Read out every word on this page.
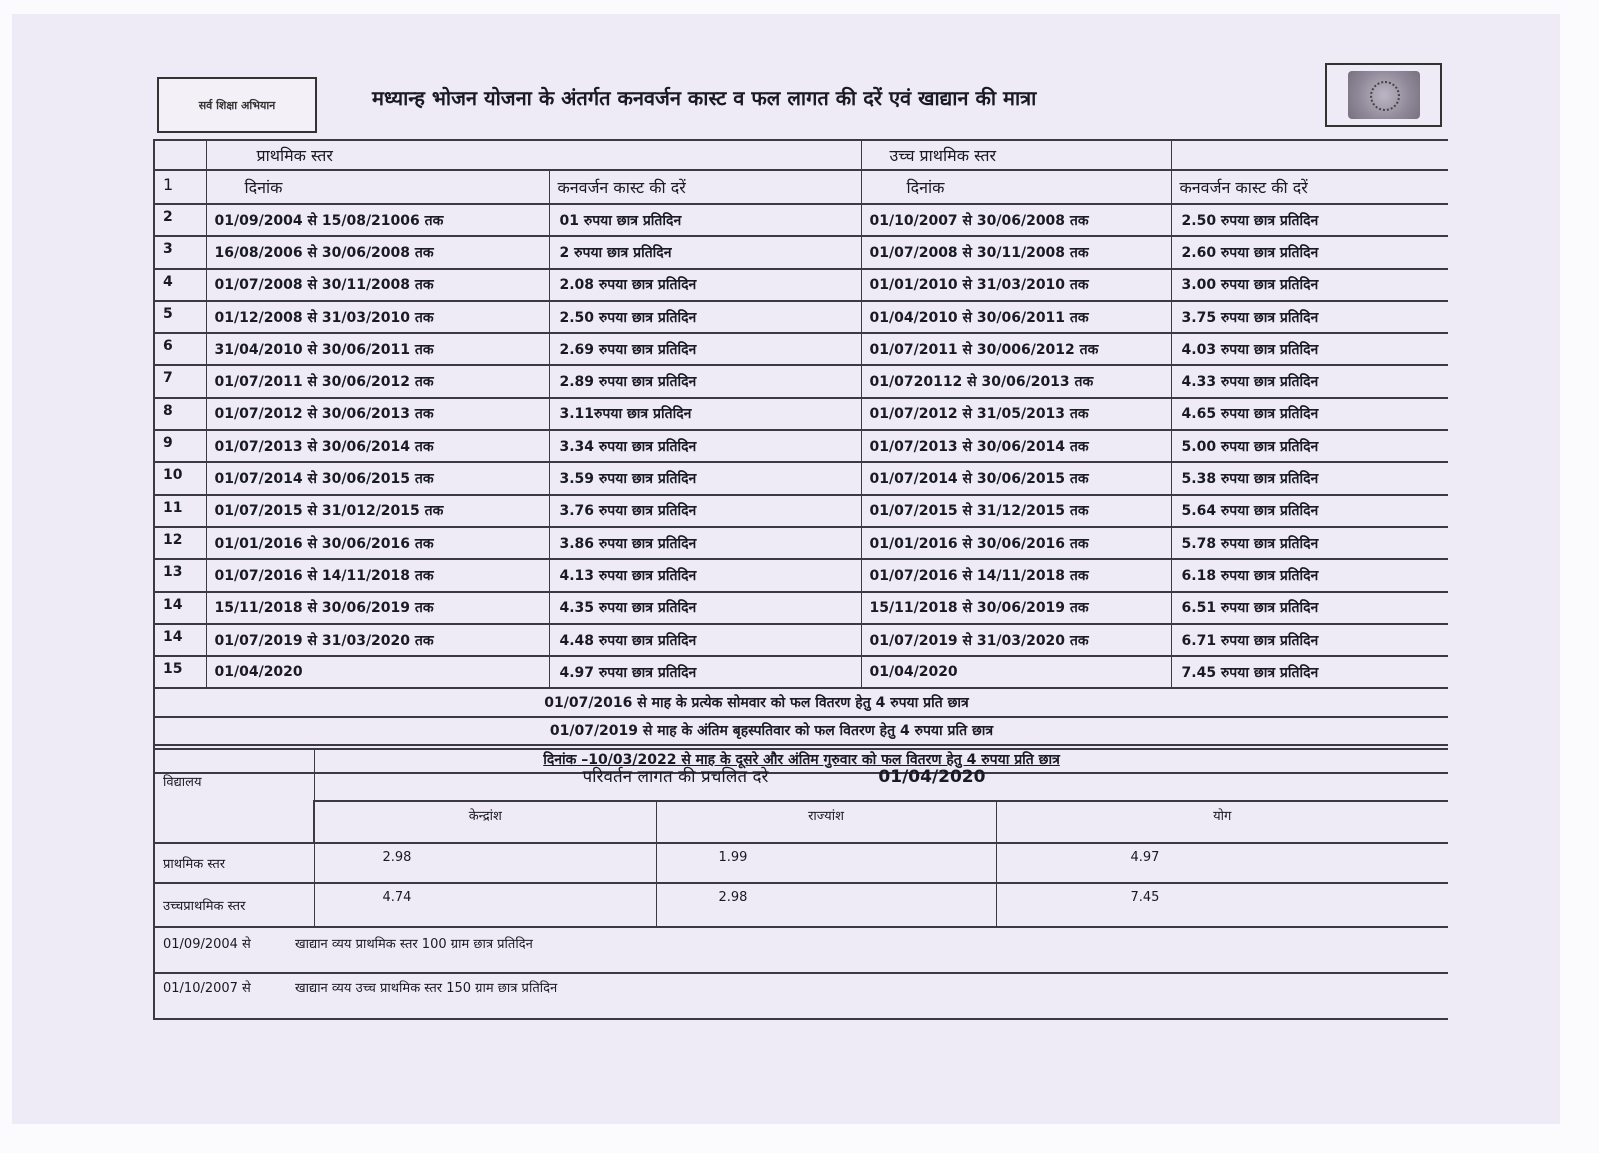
सर्व शिक्षा अभियान	मध्यान्ह भोजन योजना के अंतर्गत कनवर्जन कास्ट व फल लागत की दरें एवं खाद्यान की मात्रा
	प्राथमिक स्तर		उच्च प्राथमिक स्तर	
1	दिनांक	कनवर्जन कास्ट की दरें	दिनांक	कनवर्जन कास्ट की दरें
2	01/09/2004 से 15/08/21006 तक	01 रुपया छात्र प्रतिदिन	01/10/2007 से 30/06/2008 तक	2.50 रुपया छात्र प्रतिदिन
3	16/08/2006 से 30/06/2008 तक	2 रुपया छात्र प्रतिदिन	01/07/2008 से 30/11/2008 तक	2.60 रुपया छात्र प्रतिदिन
4	01/07/2008 से 30/11/2008 तक	2.08 रुपया छात्र प्रतिदिन	01/01/2010 से 31/03/2010 तक	3.00 रुपया छात्र प्रतिदिन
5	01/12/2008 से 31/03/2010 तक	2.50 रुपया छात्र प्रतिदिन	01/04/2010 से 30/06/2011 तक	3.75 रुपया छात्र प्रतिदिन
6	31/04/2010 से 30/06/2011 तक	2.69 रुपया छात्र प्रतिदिन	01/07/2011 से 30/006/2012 तक	4.03 रुपया छात्र प्रतिदिन
7	01/07/2011 से 30/06/2012 तक	2.89 रुपया छात्र प्रतिदिन	01/0720112 से 30/06/2013 तक	4.33 रुपया छात्र प्रतिदिन
8	01/07/2012 से 30/06/2013 तक	3.11रुपया छात्र प्रतिदिन	01/07/2012 से 31/05/2013 तक	4.65 रुपया छात्र प्रतिदिन
9	01/07/2013 से 30/06/2014 तक	3.34 रुपया छात्र प्रतिदिन	01/07/2013 से 30/06/2014 तक	5.00 रुपया छात्र प्रतिदिन
10	01/07/2014 से 30/06/2015 तक	3.59 रुपया छात्र प्रतिदिन	01/07/2014 से 30/06/2015 तक	5.38 रुपया छात्र प्रतिदिन
11	01/07/2015 से 31/012/2015 तक	3.76 रुपया छात्र प्रतिदिन	01/07/2015 से 31/12/2015 तक	5.64 रुपया छात्र प्रतिदिन
12	01/01/2016 से 30/06/2016 तक	3.86 रुपया छात्र प्रतिदिन	01/01/2016 से 30/06/2016 तक	5.78 रुपया छात्र प्रतिदिन
13	01/07/2016 से 14/11/2018 तक	4.13 रुपया छात्र प्रतिदिन	01/07/2016 से 14/11/2018 तक	6.18 रुपया छात्र प्रतिदिन
14	15/11/2018 से 30/06/2019 तक	4.35 रुपया छात्र प्रतिदिन	15/11/2018 से 30/06/2019 तक	6.51 रुपया छात्र प्रतिदिन
14	01/07/2019 से 31/03/2020 तक	4.48 रुपया छात्र प्रतिदिन	01/07/2019 से 31/03/2020 तक	6.71 रुपया छात्र प्रतिदिन
15	01/04/2020	4.97 रुपया छात्र प्रतिदिन	01/04/2020	7.45 रुपया छात्र प्रतिदिन
01/07/2016 से माह के प्रत्येक सोमवार को फल वितरण हेतु 4 रुपया प्रति छात्र				
01/07/2019 से माह के अंतिम बृहस्पतिवार को फल वितरण हेतु 4 रुपया प्रति छात्र				
दिनांक –10/03/2022 से माह के दूसरे और अंतिम गुरुवार को फल वितरण हेतु 4 रुपया प्रति छात्र				
विद्यालय	परिवर्तन लागत की प्रचलित दरे 01/04/2020		
	केन्द्रांश	राज्यांश	योग
प्राथमिक स्तर	2.98	1.99	4.97
उच्चप्राथमिक स्तर	4.74	2.98	7.45
01/09/2004 से खाद्यान व्यय प्राथमिक स्तर 100 ग्राम छात्र प्रतिदिन			
01/10/2007 से खाद्यान व्यय उच्च प्राथमिक स्तर 150 ग्राम छात्र प्रतिदिन			
